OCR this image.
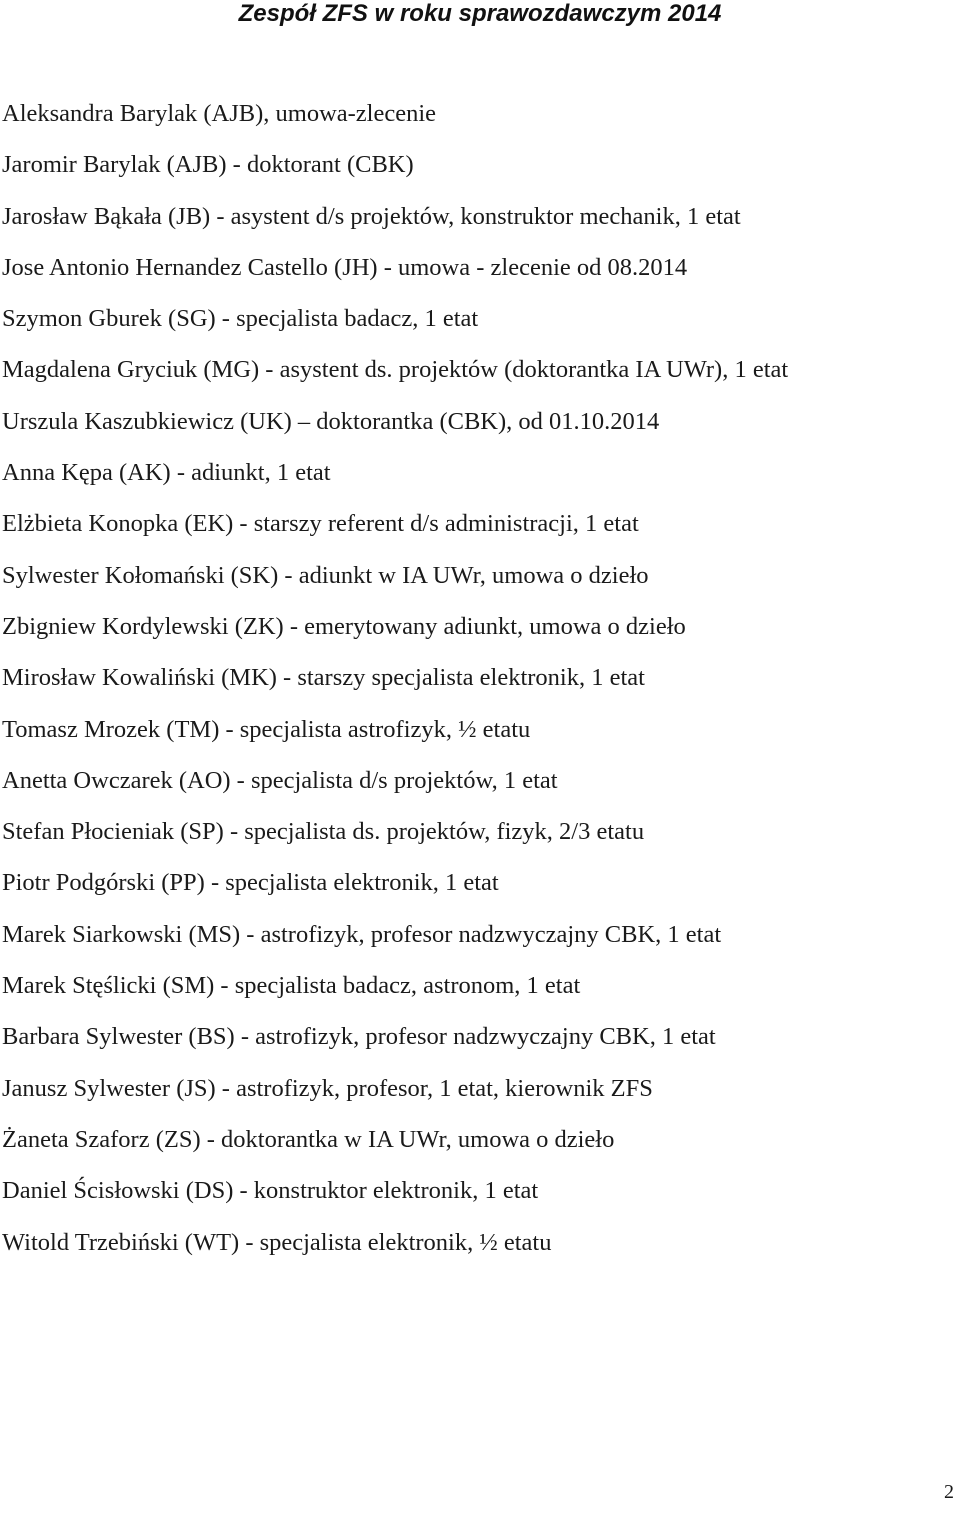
Zespół ZFS w roku sprawozdawczym 2014
Aleksandra Barylak (AJB), umowa-zlecenie
Jaromir Barylak (AJB) - doktorant (CBK)
Jarosław Bąkała (JB) - asystent d/s projektów, konstruktor mechanik, 1 etat
Jose Antonio Hernandez Castello (JH) - umowa - zlecenie od 08.2014
Szymon Gburek (SG) - specjalista badacz, 1 etat
Magdalena Gryciuk (MG) - asystent ds. projektów (doktorantka IA UWr), 1 etat
Urszula Kaszubkiewicz (UK) – doktorantka (CBK), od 01.10.2014
Anna Kępa (AK) - adiunkt, 1 etat
Elżbieta Konopka (EK) - starszy referent d/s administracji, 1 etat
Sylwester Kołomański (SK) - adiunkt w IA UWr, umowa o dzieło
Zbigniew Kordylewski (ZK) - emerytowany adiunkt, umowa o dzieło
Mirosław Kowaliński (MK) - starszy specjalista elektronik, 1 etat
Tomasz Mrozek (TM) - specjalista astrofizyk, ½ etatu
Anetta Owczarek (AO) - specjalista d/s projektów, 1 etat
Stefan Płocieniak (SP) - specjalista ds. projektów, fizyk, 2/3 etatu
Piotr Podgórski (PP) - specjalista elektronik, 1 etat
Marek Siarkowski (MS) - astrofizyk, profesor nadzwyczajny CBK, 1 etat
Marek Stęślicki (SM) - specjalista badacz, astronom, 1 etat
Barbara Sylwester (BS) - astrofizyk, profesor nadzwyczajny CBK, 1 etat
Janusz Sylwester (JS) - astrofizyk, profesor, 1 etat, kierownik ZFS
Żaneta Szaforz (ZS) - doktorantka w IA UWr, umowa o dzieło
Daniel Ścisłowski (DS) - konstruktor elektronik, 1 etat
Witold Trzebiński (WT) - specjalista elektronik, ½ etatu
2
